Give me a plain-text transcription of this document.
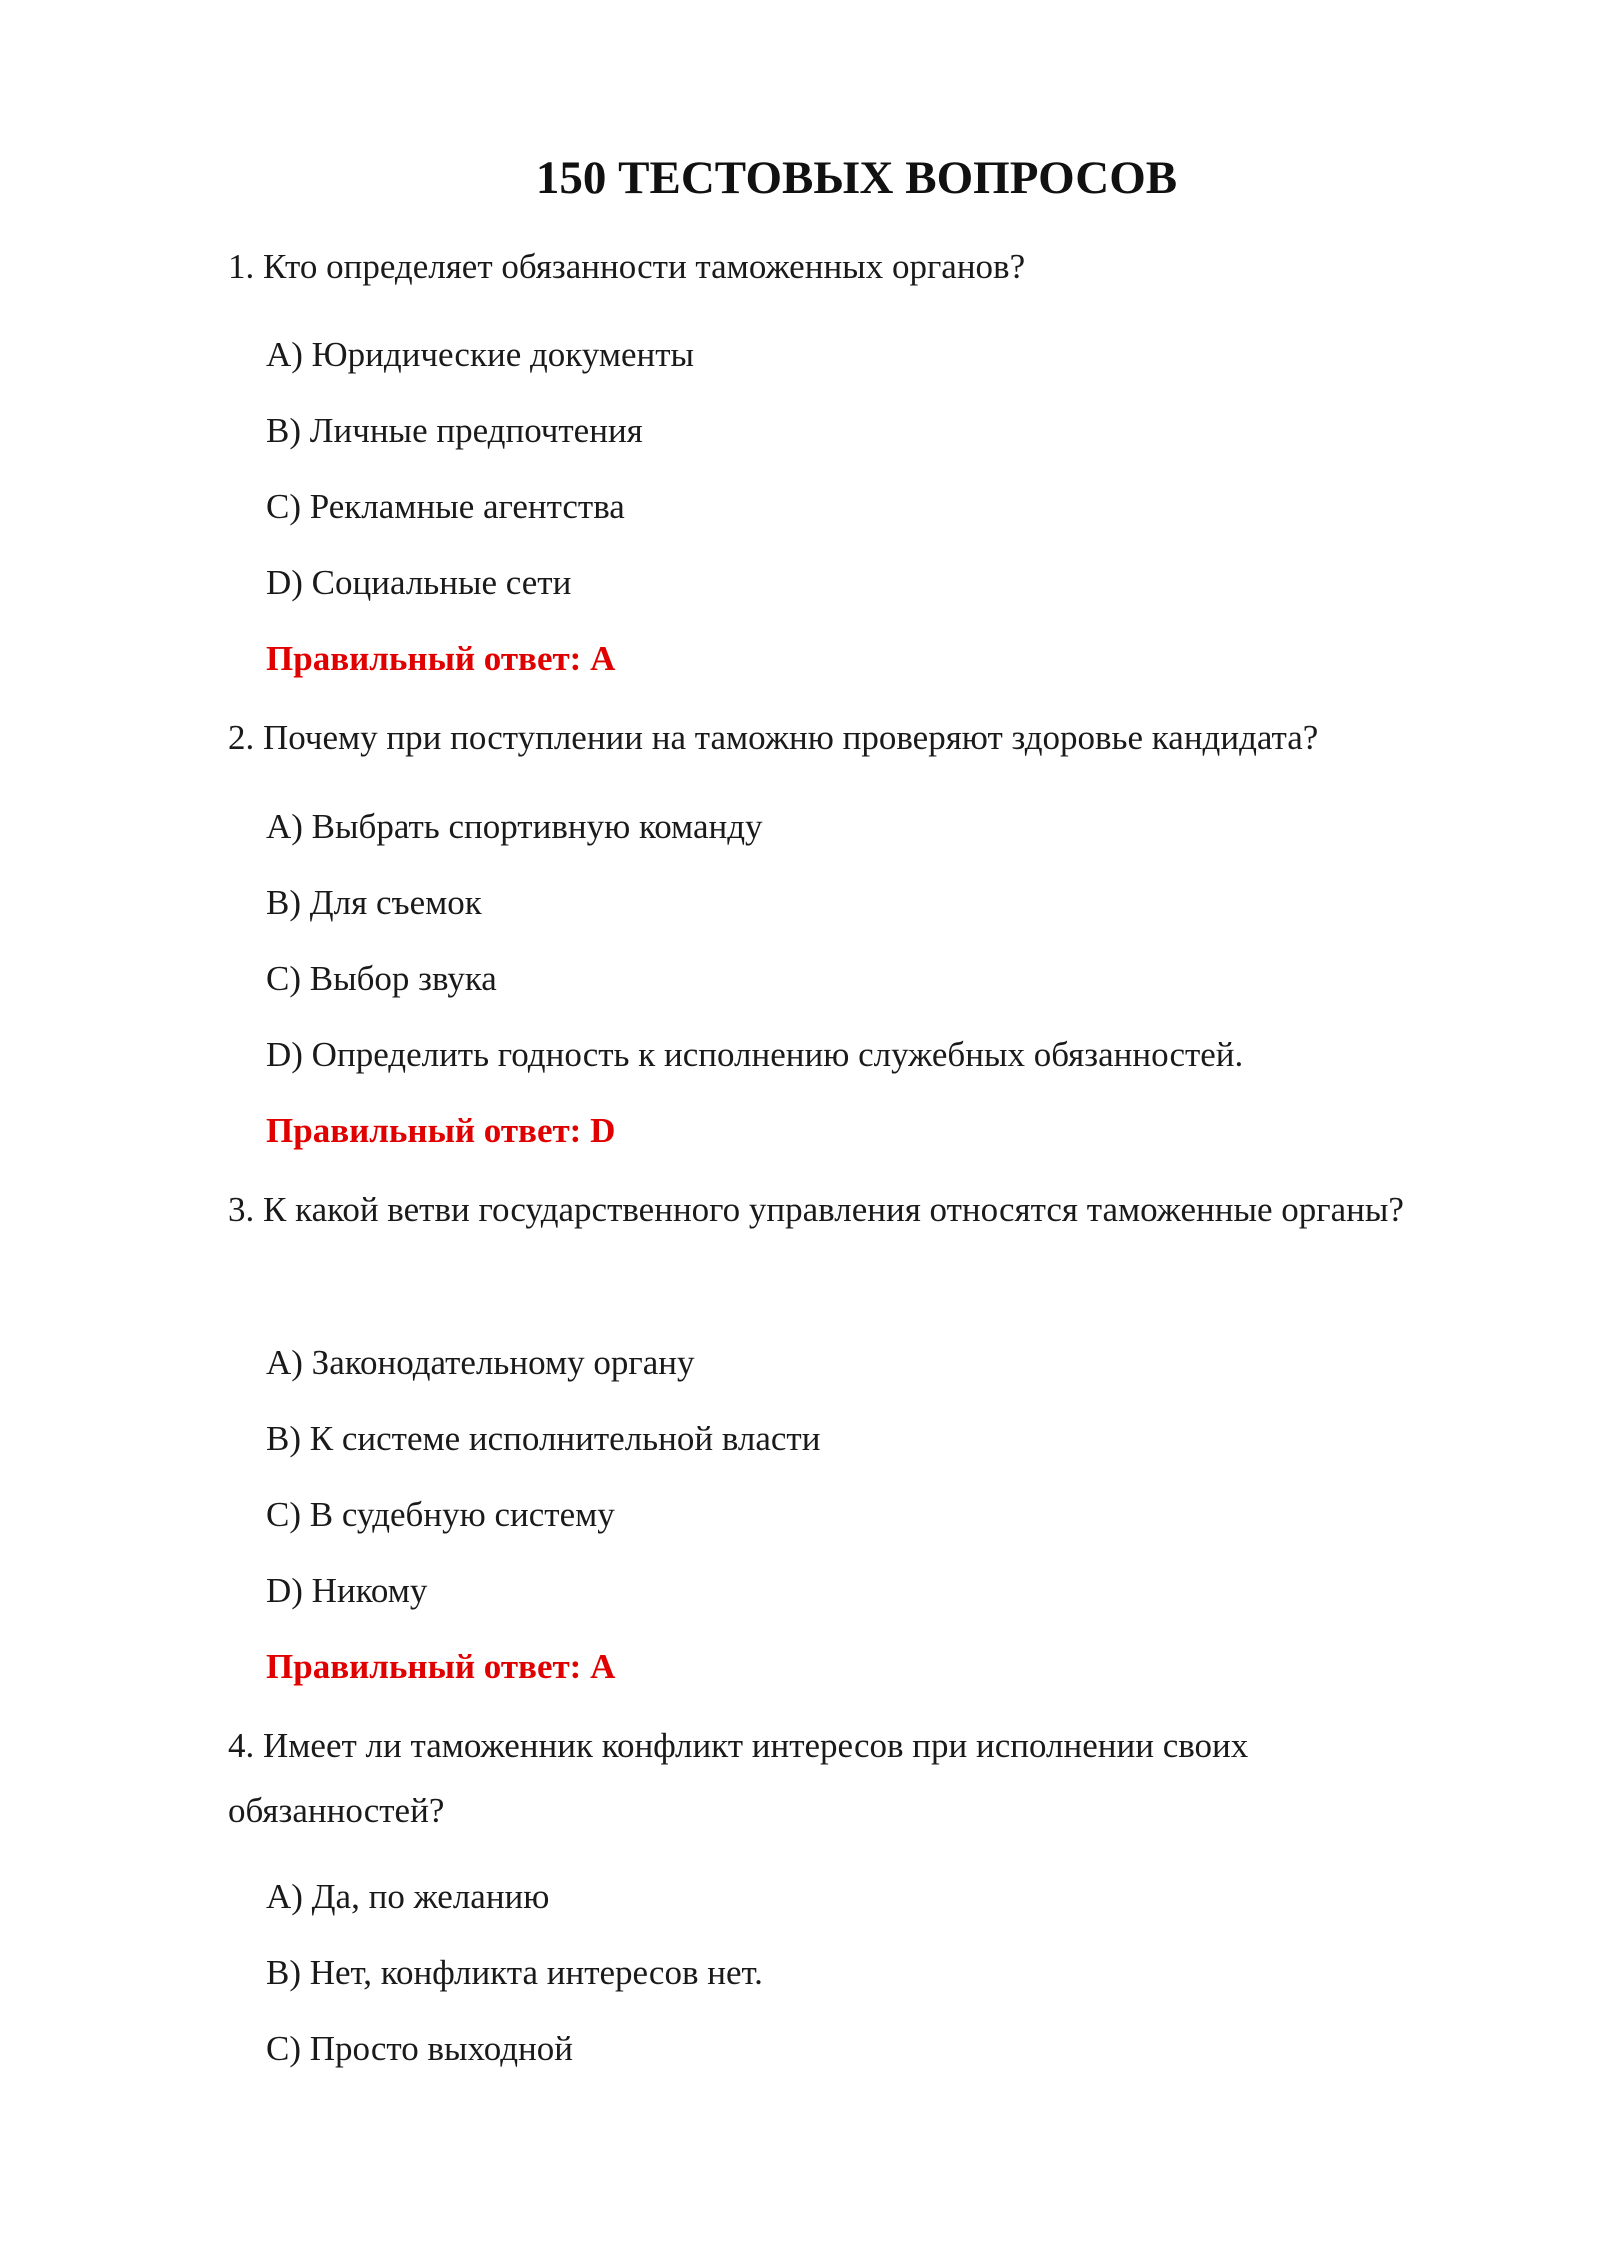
150 ТЕСТОВЫХ ВОПРОСОВ

1. Кто определяет обязанности таможенных органов?

A) Юридические документы

B) Личные предпочтения

C) Рекламные агентства

D) Социальные сети

Правильный ответ: A

2. Почему при поступлении на таможню проверяют здоровье кандидата?

A) Выбрать спортивную команду

B) Для съемок

C) Выбор звука

D) Определить годность к исполнению служебных обязанностей.

Правильный ответ: D

3. К какой ветви государственного управления относятся таможенные органы?

A) Законодательному органу

B) К системе исполнительной власти

C) В судебную систему

D) Никому

Правильный ответ: A

4. Имеет ли таможенник конфликт интересов при исполнении своих обязанностей?

A) Да, по желанию

B) Нет, конфликта интересов нет.

C) Просто выходной
